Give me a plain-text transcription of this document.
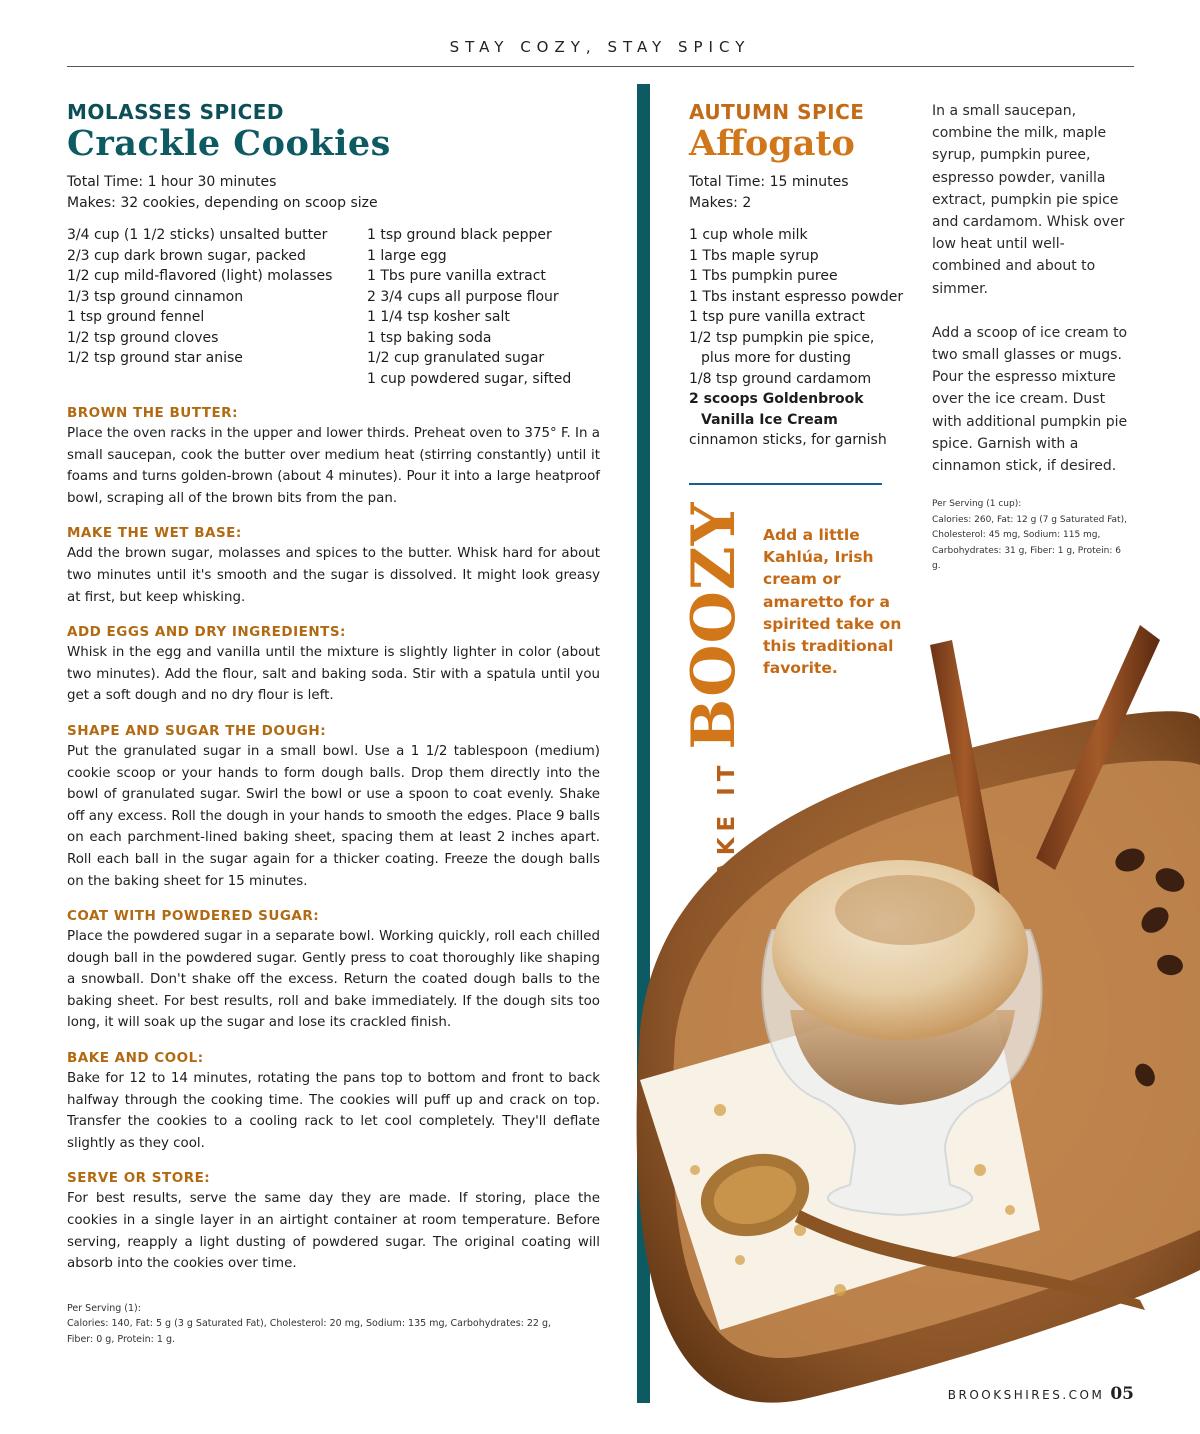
STAY COZY, STAY SPICY
MOLASSES SPICED
Crackle Cookies
Total Time: 1 hour 30 minutes
Makes: 32 cookies, depending on scoop size
3/4 cup (1 1/2 sticks) unsalted butter
2/3 cup dark brown sugar, packed
1/2 cup mild-flavored (light) molasses
1/3 tsp ground cinnamon
1 tsp ground fennel
1/2 tsp ground cloves
1/2 tsp ground star anise
1 tsp ground black pepper
1 large egg
1 Tbs pure vanilla extract
2 3/4 cups all purpose flour
1 1/4 tsp kosher salt
1 tsp baking soda
1/2 cup granulated sugar
1 cup powdered sugar, sifted
BROWN THE BUTTER:
Place the oven racks in the upper and lower thirds. Preheat oven to 375° F. In a small saucepan, cook the butter over medium heat (stirring constantly) until it foams and turns golden-brown (about 4 minutes). Pour it into a large heatproof bowl, scraping all of the brown bits from the pan.
MAKE THE WET BASE:
Add the brown sugar, molasses and spices to the butter. Whisk hard for about two minutes until it's smooth and the sugar is dissolved. It might look greasy at first, but keep whisking.
ADD EGGS AND DRY INGREDIENTS:
Whisk in the egg and vanilla until the mixture is slightly lighter in color (about two minutes). Add the flour, salt and baking soda. Stir with a spatula until you get a soft dough and no dry flour is left.
SHAPE AND SUGAR THE DOUGH:
Put the granulated sugar in a small bowl. Use a 1 1/2 tablespoon (medium) cookie scoop or your hands to form dough balls. Drop them directly into the bowl of granulated sugar. Swirl the bowl or use a spoon to coat evenly. Shake off any excess. Roll the dough in your hands to smooth the edges. Place 9 balls on each parchment-lined baking sheet, spacing them at least 2 inches apart. Roll each ball in the sugar again for a thicker coating. Freeze the dough balls on the baking sheet for 15 minutes.
COAT WITH POWDERED SUGAR:
Place the powdered sugar in a separate bowl. Working quickly, roll each chilled dough ball in the powdered sugar. Gently press to coat thoroughly like shaping a snowball. Don't shake off the excess. Return the coated dough balls to the baking sheet. For best results, roll and bake immediately. If the dough sits too long, it will soak up the sugar and lose its crackled finish.
BAKE AND COOL:
Bake for 12 to 14 minutes, rotating the pans top to bottom and front to back halfway through the cooking time. The cookies will puff up and crack on top. Transfer the cookies to a cooling rack to let cool completely. They'll deflate slightly as they cool.
SERVE OR STORE:
For best results, serve the same day they are made. If storing, place the cookies in a single layer in an airtight container at room temperature. Before serving, reapply a light dusting of powdered sugar. The original coating will absorb into the cookies over time.
Per Serving (1):
Calories: 140, Fat: 5 g (3 g Saturated Fat), Cholesterol: 20 mg, Sodium: 135 mg, Carbohydrates: 22 g,
Fiber: 0 g, Protein: 1 g.
AUTUMN SPICE
Affogato
Total Time: 15 minutes
Makes: 2
1 cup whole milk
1 Tbs maple syrup
1 Tbs pumpkin puree
1 Tbs instant espresso powder
1 tsp pure vanilla extract
1/2 tsp pumpkin pie spice,
plus more for dusting
1/8 tsp ground cardamom
2 scoops Goldenbrook
Vanilla Ice Cream
cinnamon sticks, for garnish
MAKE IT
BOOZY Add a little Kahlúa, Irish cream or amaretto for a spirited take on this traditional favorite.
In a small saucepan, combine the milk, maple syrup, pumpkin puree, espresso powder, vanilla extract, pumpkin pie spice and cardamom. Whisk over low heat until well-combined and about to simmer.
Add a scoop of ice cream to two small glasses or mugs. Pour the espresso mixture over the ice cream. Dust with additional pumpkin pie spice. Garnish with a cinnamon stick, if desired.
Per Serving (1 cup):
Calories: 260, Fat: 12 g (7 g Saturated Fat),
Cholesterol: 45 mg, Sodium: 115 mg,
Carbohydrates: 31 g, Fiber: 1 g, Protein: 6 g.
BROOKSHIRES.COM 05
